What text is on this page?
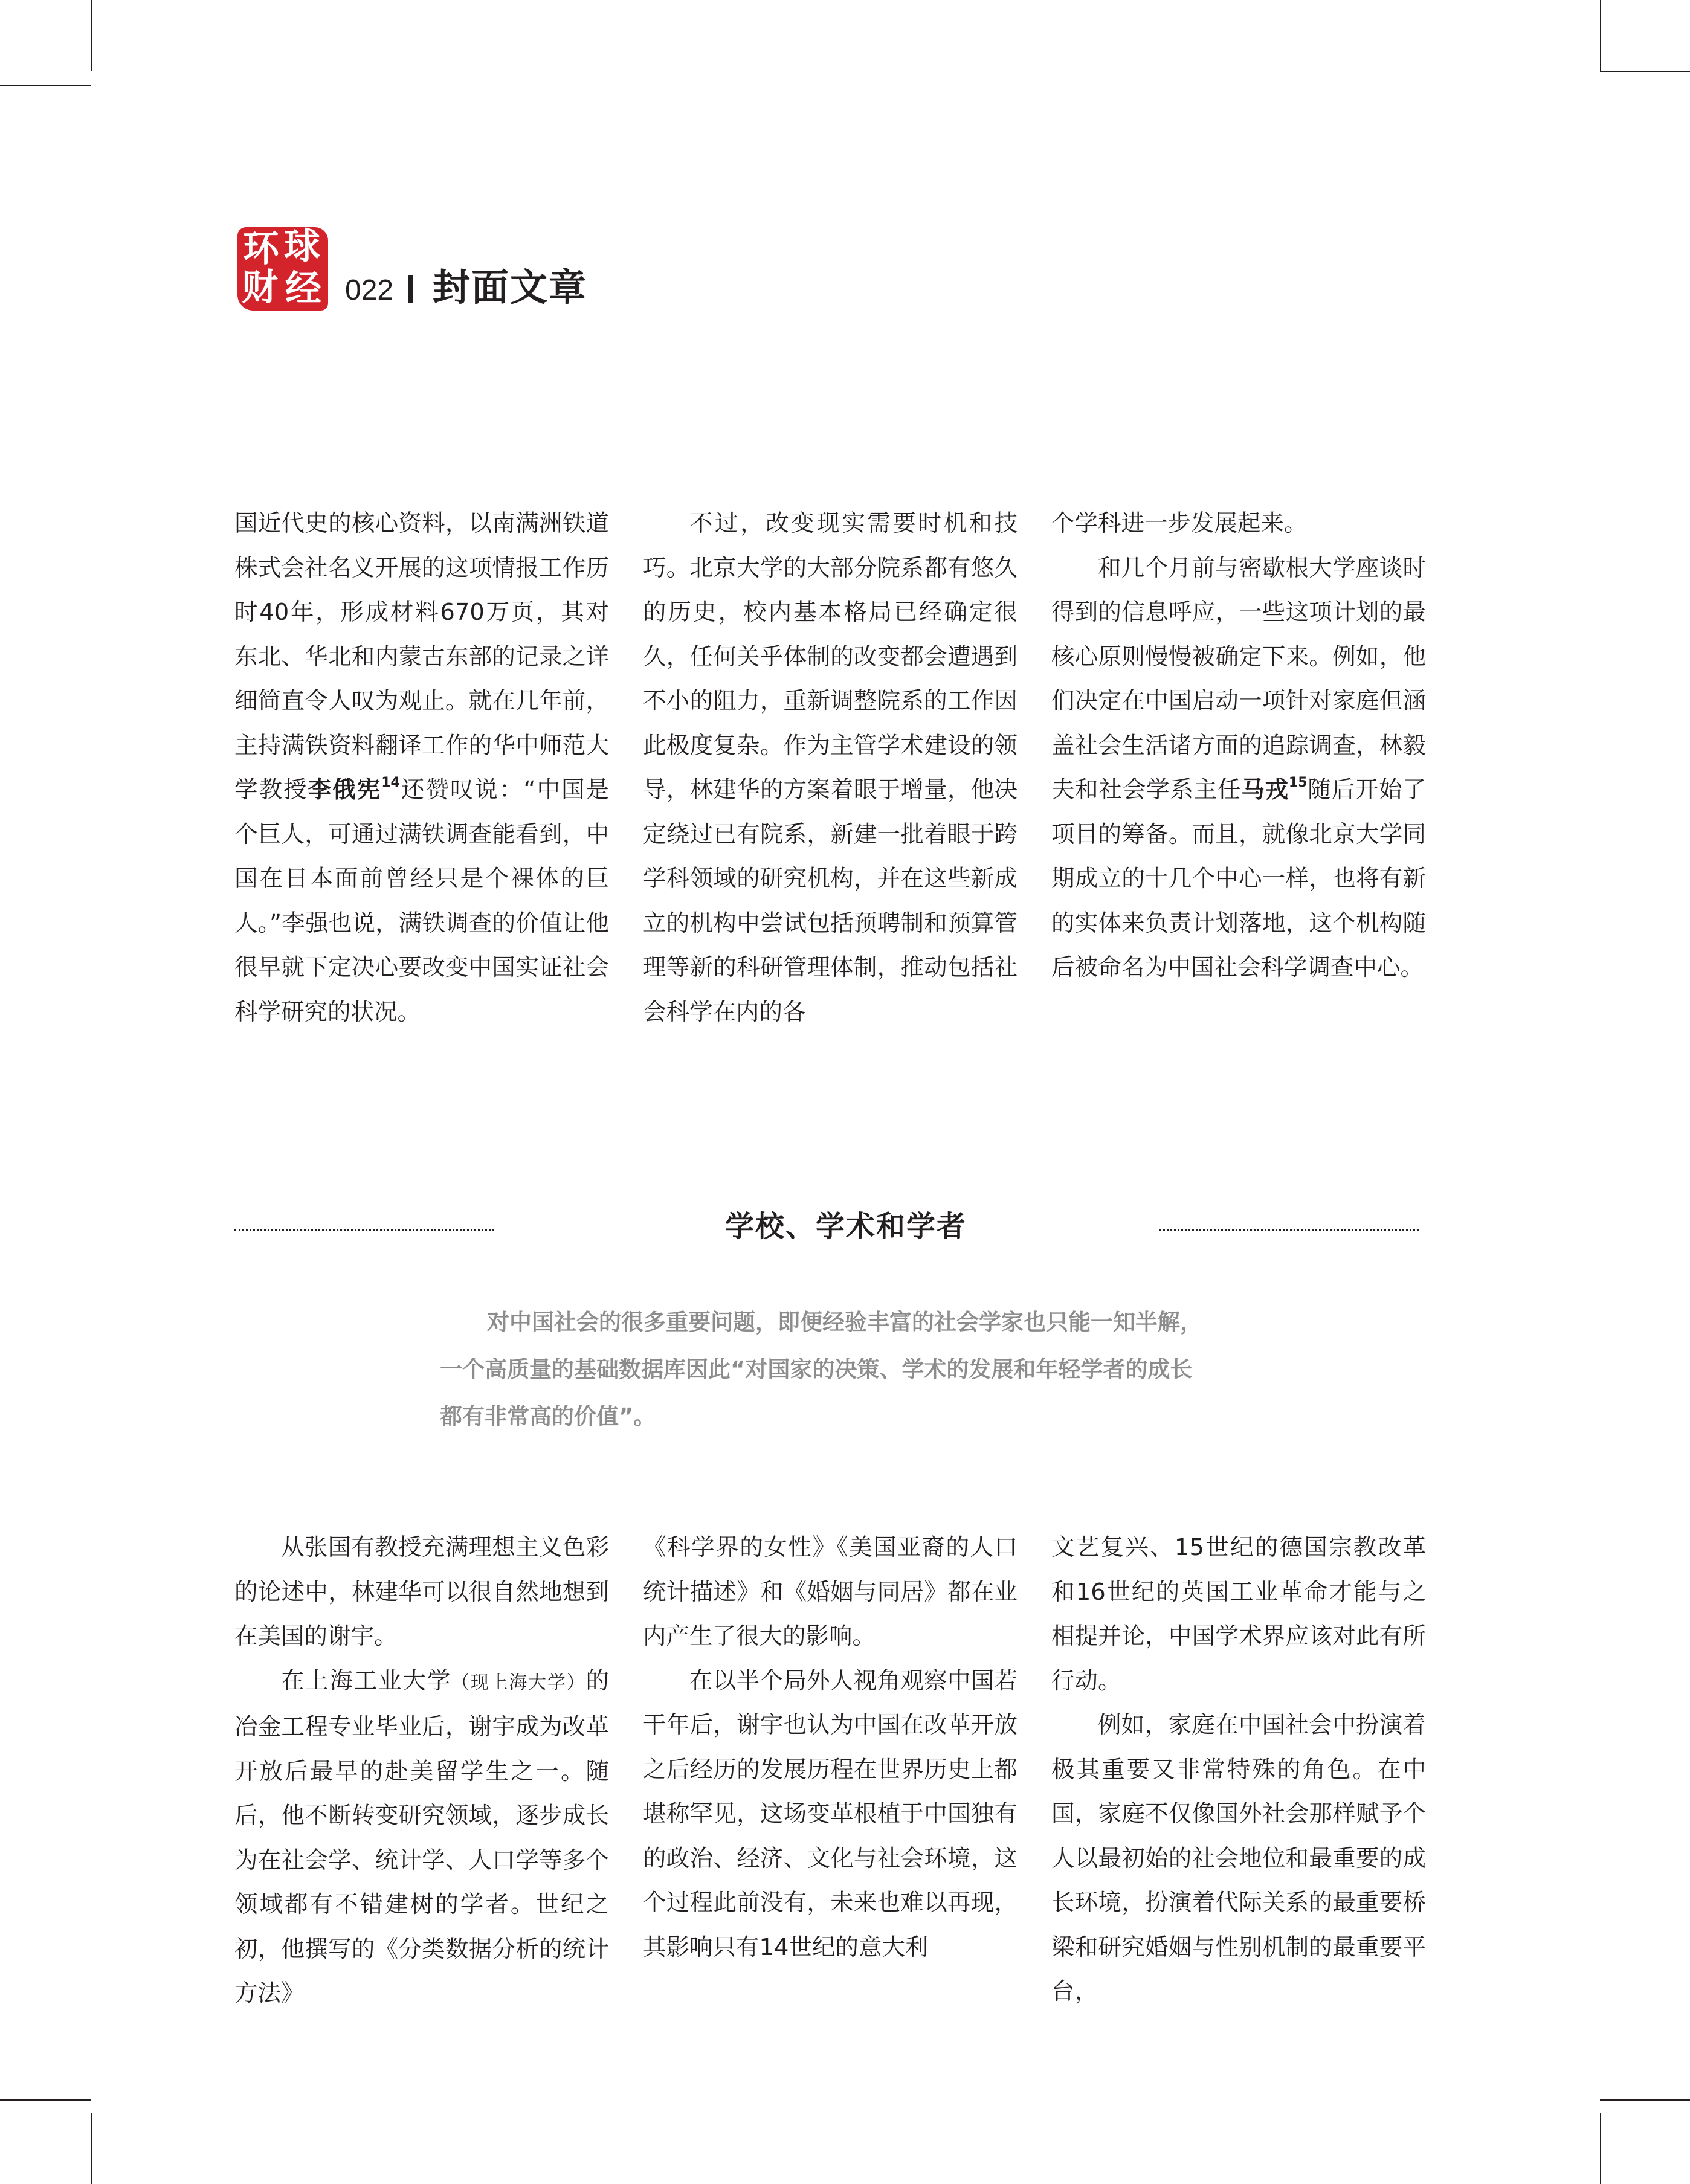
环 球
财 经 022 封面文章

国近代史的核心资料，以南满洲铁道株式会社名义开展的这项情报工作历时40年，形成材料670万页，其对东北、华北和内蒙古东部的记录之详细简直令人叹为观止。就在几年前，主持满铁资料翻译工作的华中师范大学教授李俄宪$^{14}$还赞叹说：“中国是个巨人，可通过满铁调查能看到，中国在日本面前曾经只是个裸体的巨人。”李强也说，满铁调查的价值让他很早就下定决心要改变中国实证社会科学研究的状况。

不过，改变现实需要时机和技巧。北京大学的大部分院系都有悠久的历史，校内基本格局已经确定很久，任何关乎体制的改变都会遭遇到不小的阻力，重新调整院系的工作因此极度复杂。作为主管学术建设的领导，林建华的方案着眼于增量，他决定绕过已有院系，新建一批着眼于跨学科领域的研究机构，并在这些新成立的机构中尝试包括预聘制和预算管理等新的科研管理体制，推动包括社会科学在内的各

个学科进一步发展起来。

和几个月前与密歇根大学座谈时得到的信息呼应，一些这项计划的最核心原则慢慢被确定下来。例如，他们决定在中国启动一项针对家庭但涵盖社会生活诸方面的追踪调查，林毅夫和社会学系主任马戎$^{15}$随后开始了项目的筹备。而且，就像北京大学同期成立的十几个中心一样，也将有新的实体来负责计划落地，这个机构随后被命名为中国社会科学调查中心。

学校、学术和学者

对中国社会的很多重要问题，即便经验丰富的社会学家也只能一知半解，

一个高质量的基础数据库因此“对国家的决策、学术的发展和年轻学者的成长

都有非常高的价值”。

从张国有教授充满理想主义色彩的论述中，林建华可以很自然地想到在美国的谢宇。

在上海工业大学（现上海大学）的冶金工程专业毕业后，谢宇成为改革开放后最早的赴美留学生之一。随后，他不断转变研究领域，逐步成长为在社会学、统计学、人口学等多个领域都有不错建树的学者。世纪之初，他撰写的《分类数据分析的统计方法》

《科学界的女性》《美国亚裔的人口统计描述》和《婚姻与同居》都在业内产生了很大的影响。

在以半个局外人视角观察中国若干年后，谢宇也认为中国在改革开放之后经历的发展历程在世界历史上都堪称罕见，这场变革根植于中国独有的政治、经济、文化与社会环境，这个过程此前没有，未来也难以再现，其影响只有14世纪的意大利

文艺复兴、15世纪的德国宗教改革和16世纪的英国工业革命才能与之相提并论，中国学术界应该对此有所行动。

例如，家庭在中国社会中扮演着极其重要又非常特殊的角色。在中国，家庭不仅像国外社会那样赋予个人以最初始的社会地位和最重要的成长环境，扮演着代际关系的最重要桥梁和研究婚姻与性别机制的最重要平台，
